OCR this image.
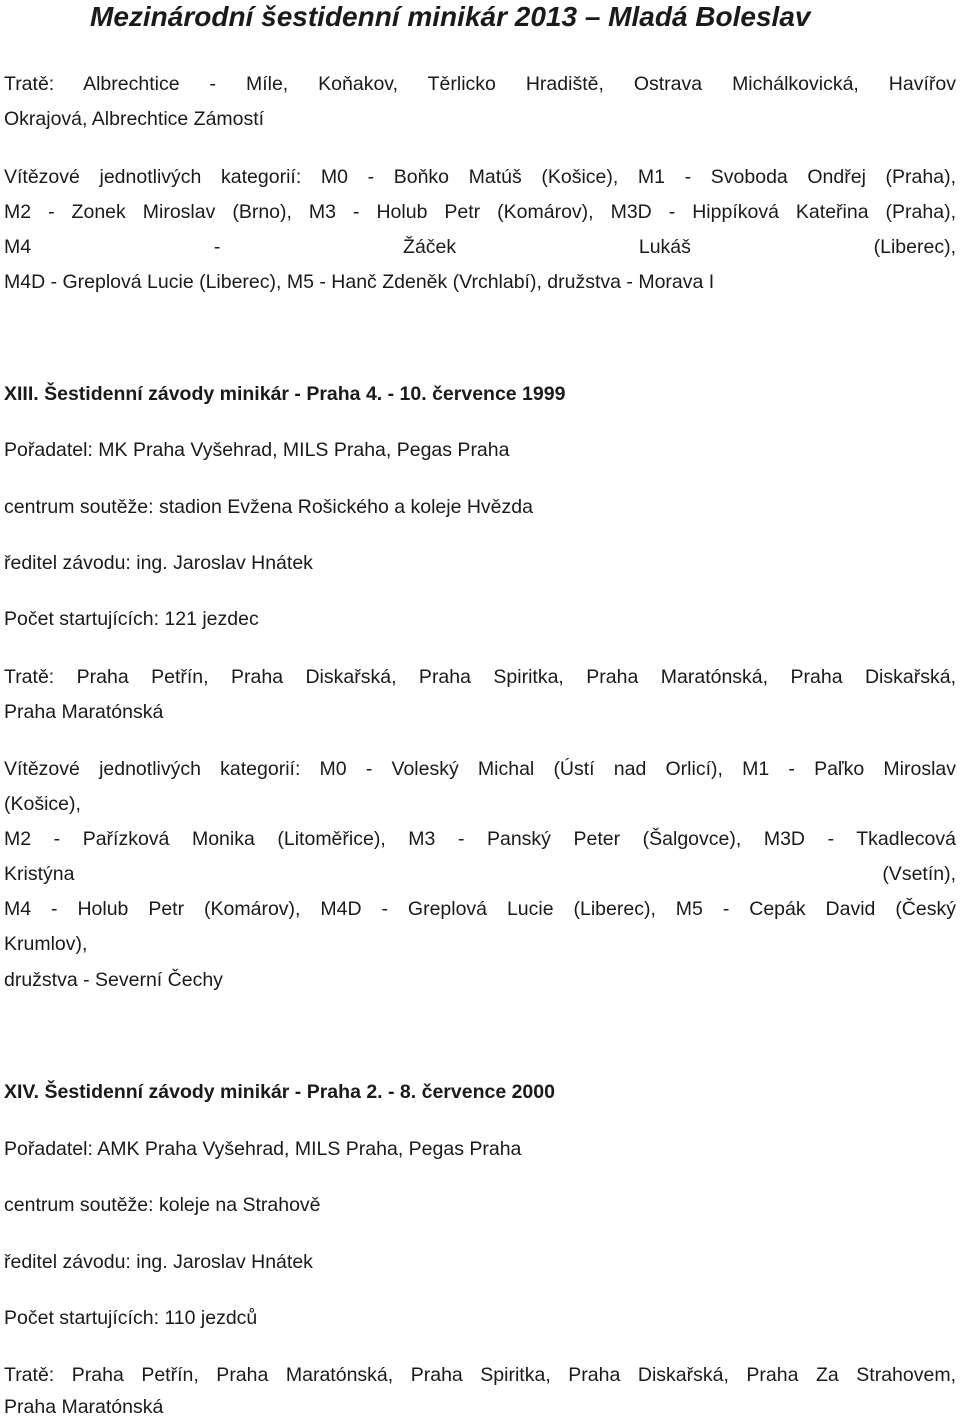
Mezinárodní šestidenní minikár 2013 – Mladá Boleslav

Tratě: Albrechtice - Míle, Koňakov, Těrlicko Hradiště, Ostrava Michálkovická, Havířov

Okrajová, Albrechtice Zámostí

Vítězové jednotlivých kategorií: M0 - Boňko Matúš (Košice), M1 - Svoboda Ondřej (Praha),

M2 - Zonek Miroslav (Brno), M3 - Holub Petr (Komárov), M3D - Hippíková Kateřina (Praha),

M4	-	Žáček	Lukáš	(Liberec),

M4D - Greplová Lucie (Liberec), M5 - Hanč Zdeněk (Vrchlabí), družstva - Morava I

XIII. Šestidenní závody minikár - Praha 4. - 10. července 1999

Pořadatel: MK Praha Vyšehrad, MILS Praha, Pegas Praha

centrum soutěže: stadion Evžena Rošického a koleje Hvězda

ředitel závodu: ing. Jaroslav Hnátek

Počet startujících: 121 jezdec

Tratě: Praha Petřín, Praha Diskařská, Praha Spiritka, Praha Maratónská, Praha Diskařská,

Praha Maratónská

Vítězové jednotlivých kategorií: M0 - Voleský Michal (Ústí nad Orlicí), M1 - Paľko Miroslav

(Košice),

M2 - Pařízková Monika (Litoměřice), M3 - Panský Peter (Šalgovce), M3D - Tkadlecová

Kristýna	(Vsetín),

M4 - Holub Petr (Komárov), M4D - Greplová Lucie (Liberec), M5 - Cepák David (Český

Krumlov),

družstva - Severní Čechy

XIV. Šestidenní závody minikár - Praha 2. - 8. července 2000

Pořadatel: AMK Praha Vyšehrad, MILS Praha, Pegas Praha

centrum soutěže: koleje na Strahově

ředitel závodu: ing. Jaroslav Hnátek

Počet startujících: 110 jezdců

Tratě: Praha Petřín, Praha Maratónská, Praha Spiritka, Praha Diskařská, Praha Za Strahovem,

Praha Maratónská
